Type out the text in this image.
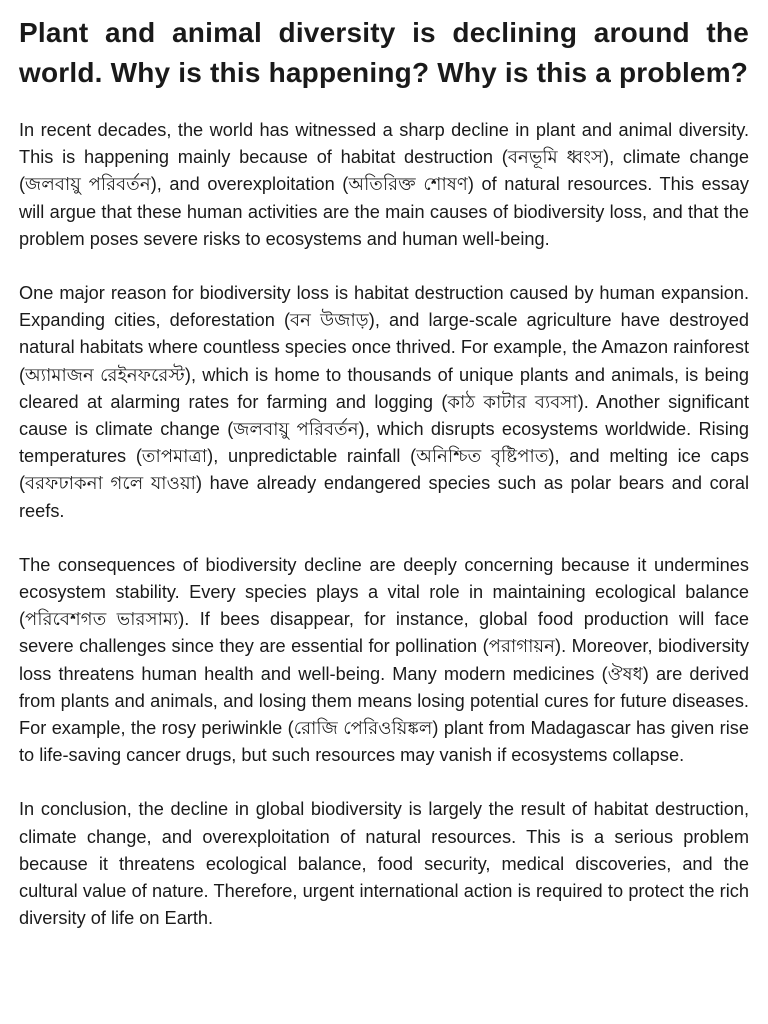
Plant and animal diversity is declining around the world. Why is this happening? Why is this a problem?

In recent decades, the world has witnessed a sharp decline in plant and animal diversity. This is happening mainly because of habitat destruction (বনভূমি ধ্বংস), climate change (জলবায়ু পরিবর্তন), and overexploitation (অতিরিক্ত শোষণ) of natural resources. This essay will argue that these human activities are the main causes of biodiversity loss, and that the problem poses severe risks to ecosystems and human well-being.

One major reason for biodiversity loss is habitat destruction caused by human expansion. Expanding cities, deforestation (বন উজাড়), and large-scale agriculture have destroyed natural habitats where countless species once thrived. For example, the Amazon rainforest (অ্যামাজন রেইনফরেস্ট), which is home to thousands of unique plants and animals, is being cleared at alarming rates for farming and logging (কাঠ কাটার ব্যবসা). Another significant cause is climate change (জলবায়ু পরিবর্তন), which disrupts ecosystems worldwide. Rising temperatures (তাপমাত্রা), unpredictable rainfall (অনিশ্চিত বৃষ্টিপাত), and melting ice caps (বরফঢাকনা গলে যাওয়া) have already endangered species such as polar bears and coral reefs.

The consequences of biodiversity decline are deeply concerning because it undermines ecosystem stability. Every species plays a vital role in maintaining ecological balance (পরিবেশগত ভারসাম্য). If bees disappear, for instance, global food production will face severe challenges since they are essential for pollination (পরাগায়ন). Moreover, biodiversity loss threatens human health and well-being. Many modern medicines (ঔষধ) are derived from plants and animals, and losing them means losing potential cures for future diseases. For example, the rosy periwinkle (রোজি পেরিওয়িঙ্কল) plant from Madagascar has given rise to life-saving cancer drugs, but such resources may vanish if ecosystems collapse.

In conclusion, the decline in global biodiversity is largely the result of habitat destruction, climate change, and overexploitation of natural resources. This is a serious problem because it threatens ecological balance, food security, medical discoveries, and the cultural value of nature. Therefore, urgent international action is required to protect the rich diversity of life on Earth.
